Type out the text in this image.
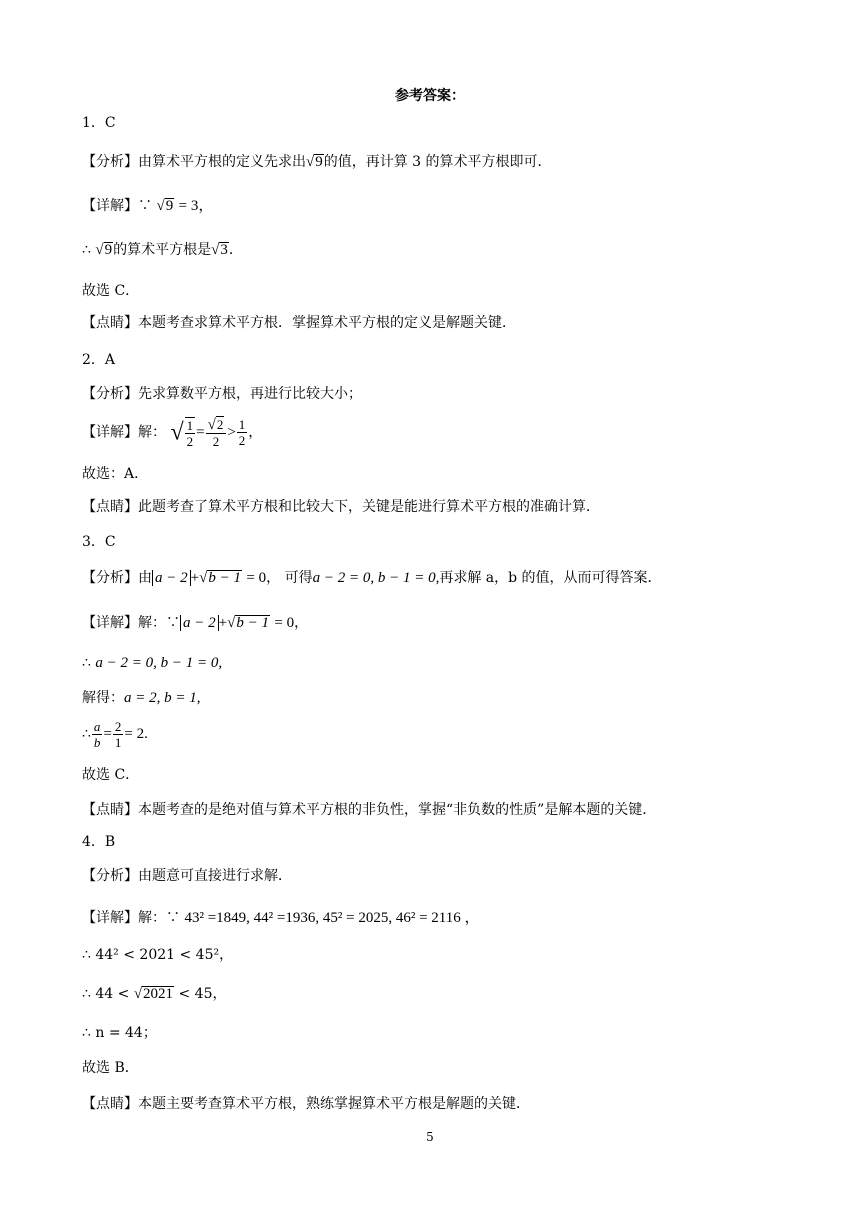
参考答案：
1．C
【分析】由算术平方根的定义先求出√9的值，再计算 3 的算术平方根即可．
【详解】∵ √9 = 3，
∴ √9的算术平方根是√3．
故选 C．
【点睛】本题考查求算术平方根．掌握算术平方根的定义是解题关键．
2．A
【分析】先求算数平方根，再进行比较大小；
【详解】解： √ $\frac{1}{2} = \frac{√2}{2} > \frac{1}{2}$ ，
故选：A．
【点睛】此题考查了算术平方根和比较大下，关键是能进行算术平方根的准确计算．
3．C
【分析】由 a − 2 +√b − 1 = 0， 可得a − 2 = 0, b − 1 = 0,再求解 a，b 的值，从而可得答案．
【详解】解：∵ a − 2 +√b − 1 = 0，
∴ a − 2 = 0, b − 1 = 0,
解得：a = 2, b = 1,
∴ $\frac{a}{b} = \frac{2}{1} = 2$.
故选 C．
【点睛】本题考查的是绝对值与算术平方根的非负性，掌握“非负数的性质”是解本题的关键．
4．B
【分析】由题意可直接进行求解．
【详解】解：∵ 43² =1849, 44² =1936, 45² = 2025, 46² = 2116 ，
∴ 44² < 2021 < 45²，
∴ 44 < √2021 < 45，
∴ n = 44；
故选 B．
【点睛】本题主要考查算术平方根，熟练掌握算术平方根是解题的关键．
5
